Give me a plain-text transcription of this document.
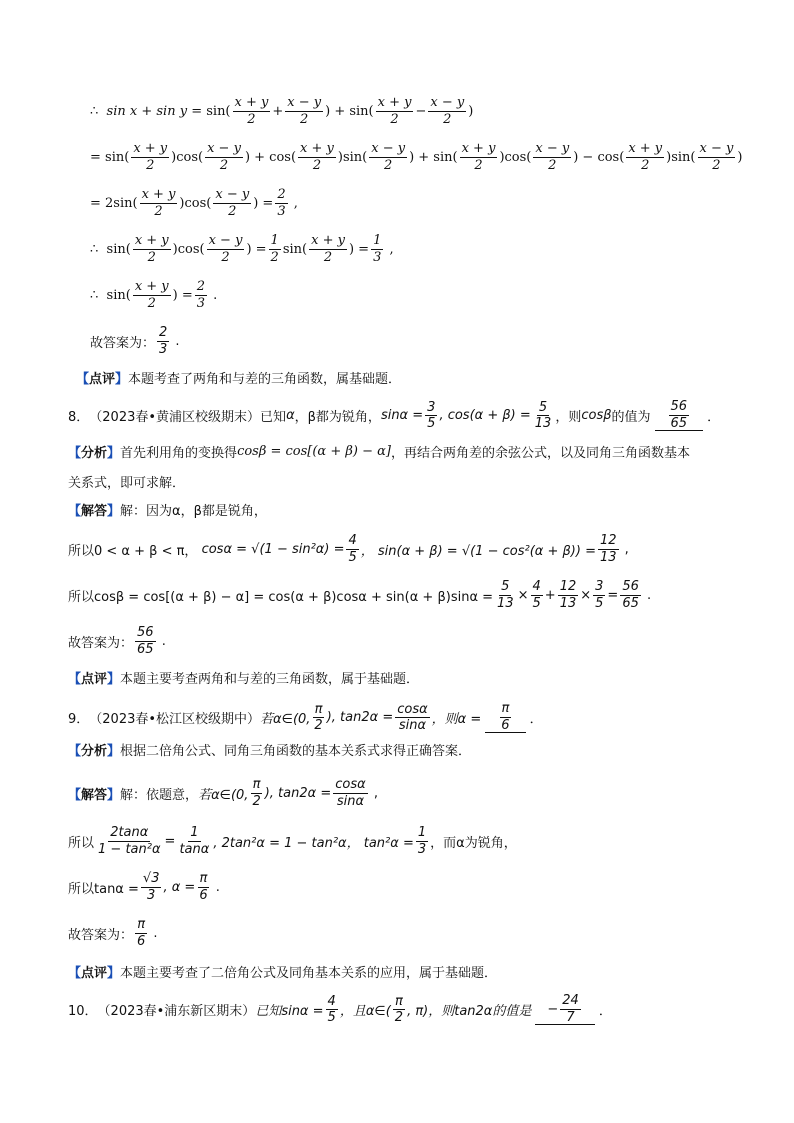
∴  $\sin x + \sin y = \sin( \frac{x + y}{2} + \frac{x - y}{2}$ ) + $\sin( \frac{x + y}{2} - \frac{x - y}{2}$ )
= $\sin( \frac{x + y}{2} )\cos( \frac{x - y}{2}$ ) + $\cos( \frac{x + y}{2} )\sin( \frac{x - y}{2}$ ) + $\sin( \frac{x + y}{2} )\cos( \frac{x - y}{2}$ ) − $\cos( \frac{x + y}{2} )\sin( \frac{x - y}{2}$ )
= $2\sin( \frac{x + y}{2} )\cos( \frac{x - y}{2}$ ) = $\frac{2}{3}$ ,
∴  $\sin( \frac{x + y}{2} )\cos( \frac{x - y}{2}$ ) = $\frac{1}{2} \sin( \frac{x + y}{2}$ ) = $\frac{1}{3}$ ,
∴  $\sin( \frac{x + y}{2}$ ) = $\frac{2}{3}$ .
故答案为： $\frac{2}{3}$ .
【点评】 本题考查了两角和与差的三角函数，属基础题．
8． （2023春•黄浦区校级期末） 已知 α ，β都为锐角， $\sin\alpha = \frac{3}{5}$ , $\cos(\alpha + \beta) = \frac{5}{13}$ ，则 cosβ 的值为 $\frac{56}{65}$ ．
【分析】 首先利用角的变换得 cosβ = cos[(α + β) − α] ，再结合两角差的余弦公式，以及同角三角函数基本
关系式，即可求解．
【解答】 解：因为α，β都是锐角，
所以0 < α + β < π，
$\cos\alpha = √(1 - \sin^2\alpha) = \frac{4}{5}$ ， $\sin(\alpha + \beta) = √(1 - \cos^2(\alpha + \beta)) = \frac{12}{13}$ ,
所以$\cos\beta = \cos[(\alpha + \beta) - \alpha] = \cos(\alpha + \beta)\cos\alpha + \sin(\alpha + \beta)\sin\alpha = \frac{5}{13} \times \frac{4}{5} + \frac{12}{13} \times \frac{3}{5} = \frac{56}{65}$ .
故答案为： $\frac{56}{65}$ .
【点评】 本题主要考查两角和与差的三角函数，属于基础题．
9． （2023春•松江区校级期中） 若α∈(0, $\frac{\pi}{2}$ ), $\tan 2\alpha = \frac{\cos\alpha}{\sin\alpha}$ ，则$\alpha = \frac{\pi}{6}$ ．
【分析】 根据二倍角公式、同角三角函数的基本关系式求得正确答案．
【解答】 解：依题意， 若α∈(0, $\frac{\pi}{2}$ ), $\tan 2\alpha = \frac{\cos\alpha}{\sin\alpha}$ ,
所以 $\frac{2\tan\alpha}{\text{1 − tan²α}} = \frac{1}{\tan\alpha}$ , 2tan²α = 1 − tan²α， $\tan^2\alpha = \frac{1}{3}$ ，而α为锐角，
所以$\tan\alpha = \frac{√3}{3}$ , $\alpha = \frac{\pi}{6}$ .
故答案为： $\frac{\pi}{6}$ .
【点评】 本题主要考查了二倍角公式及同角基本关系的应用，属于基础题．
10． （2023春•浦东新区期末） 已知$\sin\alpha = \frac{4}{5}$ ，且α∈( $\frac{\pi}{2}$ , π)，则tan2α的值是 − $\frac{24}{7}$ ．
